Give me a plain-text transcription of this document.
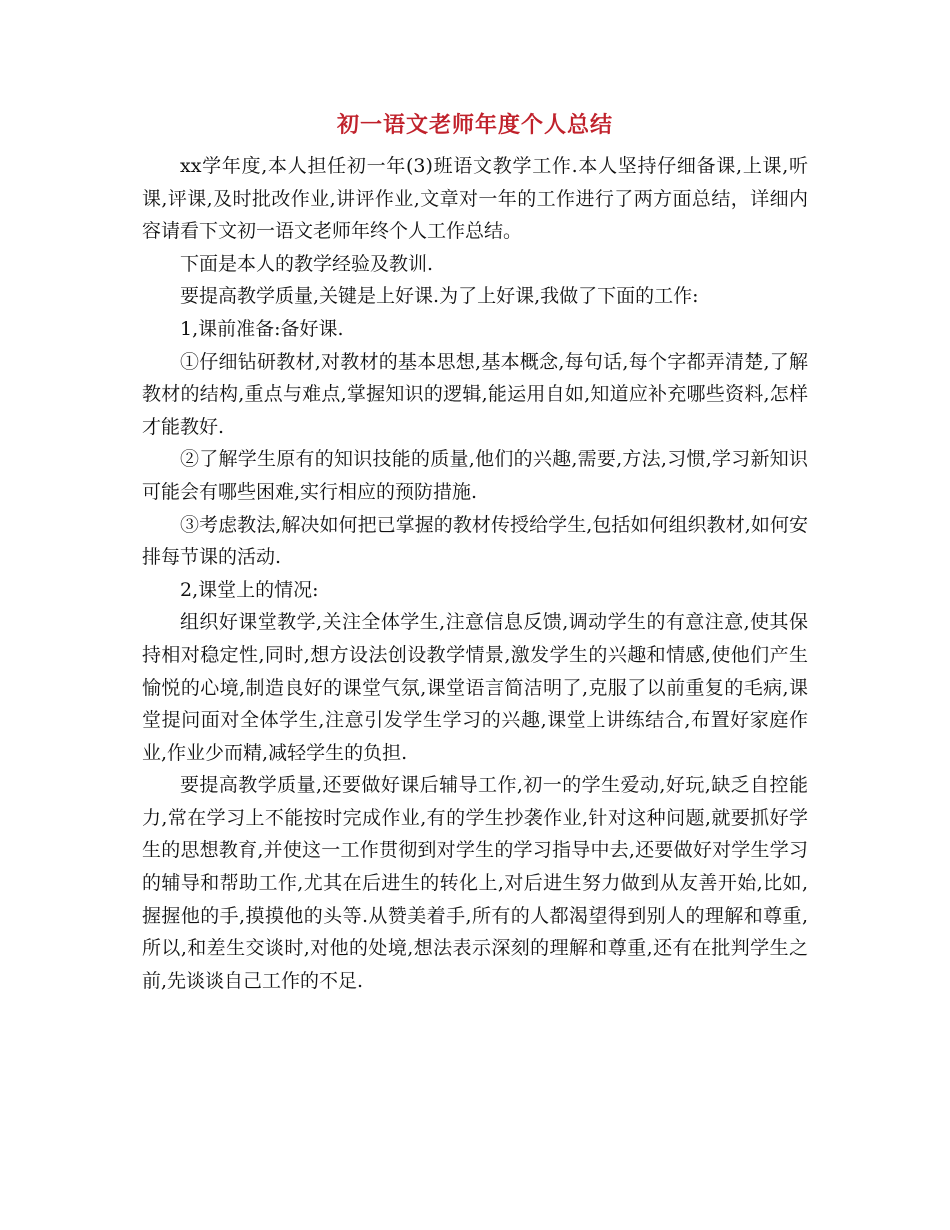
初一语文老师年度个人总结

xx学年度,本人担任初一年(3)班语文教学工作.本人坚持仔细备课,上课,听课,评课,及时批改作业,讲评作业,文章对一年的工作进行了两方面总结，详细内容请看下文初一语文老师年终个人工作总结。

下面是本人的教学经验及教训.

要提高教学质量,关键是上好课.为了上好课,我做了下面的工作:

1,课前准备:备好课.

①仔细钻研教材,对教材的基本思想,基本概念,每句话,每个字都弄清楚,了解教材的结构,重点与难点,掌握知识的逻辑,能运用自如,知道应补充哪些资料,怎样才能教好.

②了解学生原有的知识技能的质量,他们的兴趣,需要,方法,习惯,学习新知识可能会有哪些困难,实行相应的预防措施.

③考虑教法,解决如何把已掌握的教材传授给学生,包括如何组织教材,如何安排每节课的活动.

2,课堂上的情况:

组织好课堂教学,关注全体学生,注意信息反馈,调动学生的有意注意,使其保持相对稳定性,同时,想方设法创设教学情景,激发学生的兴趣和情感,使他们产生愉悦的心境,制造良好的课堂气氛,课堂语言简洁明了,克服了以前重复的毛病,课堂提问面对全体学生,注意引发学生学习的兴趣,课堂上讲练结合,布置好家庭作业,作业少而精,减轻学生的负担.

要提高教学质量,还要做好课后辅导工作,初一的学生爱动,好玩,缺乏自控能力,常在学习上不能按时完成作业,有的学生抄袭作业,针对这种问题,就要抓好学生的思想教育,并使这一工作贯彻到对学生的学习指导中去,还要做好对学生学习的辅导和帮助工作,尤其在后进生的转化上,对后进生努力做到从友善开始,比如,握握他的手,摸摸他的头等.从赞美着手,所有的人都渴望得到别人的理解和尊重,所以,和差生交谈时,对他的处境,想法表示深刻的理解和尊重,还有在批判学生之前,先谈谈自己工作的不足.
